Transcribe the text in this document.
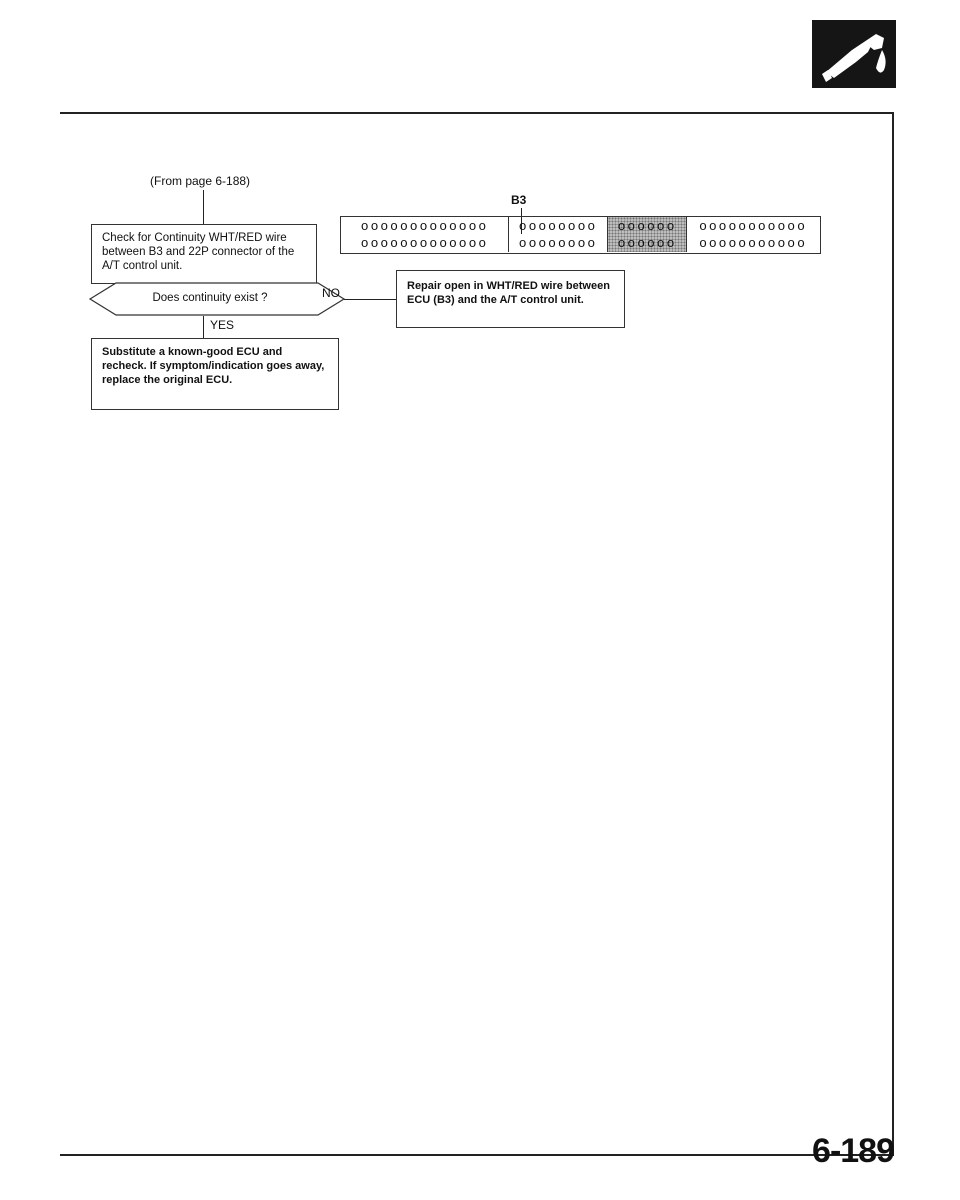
(From page 6-188)
Check for Continuity WHT/RED wire between B3 and 22P connector of the A/T control unit.
Does continuity exist ?	NO	Repair open in WHT/RED wire between ECU (B3) and the A/T control unit.
YES
Substitute a known-good ECU and recheck. If symptom/indication goes away, replace the original ECU.
B3
ooooooooooooo
ooooooooooooo
oooooooo
oooooooo
oooooo
oooooo
ooooooooooo
ooooooooooo
6-189
